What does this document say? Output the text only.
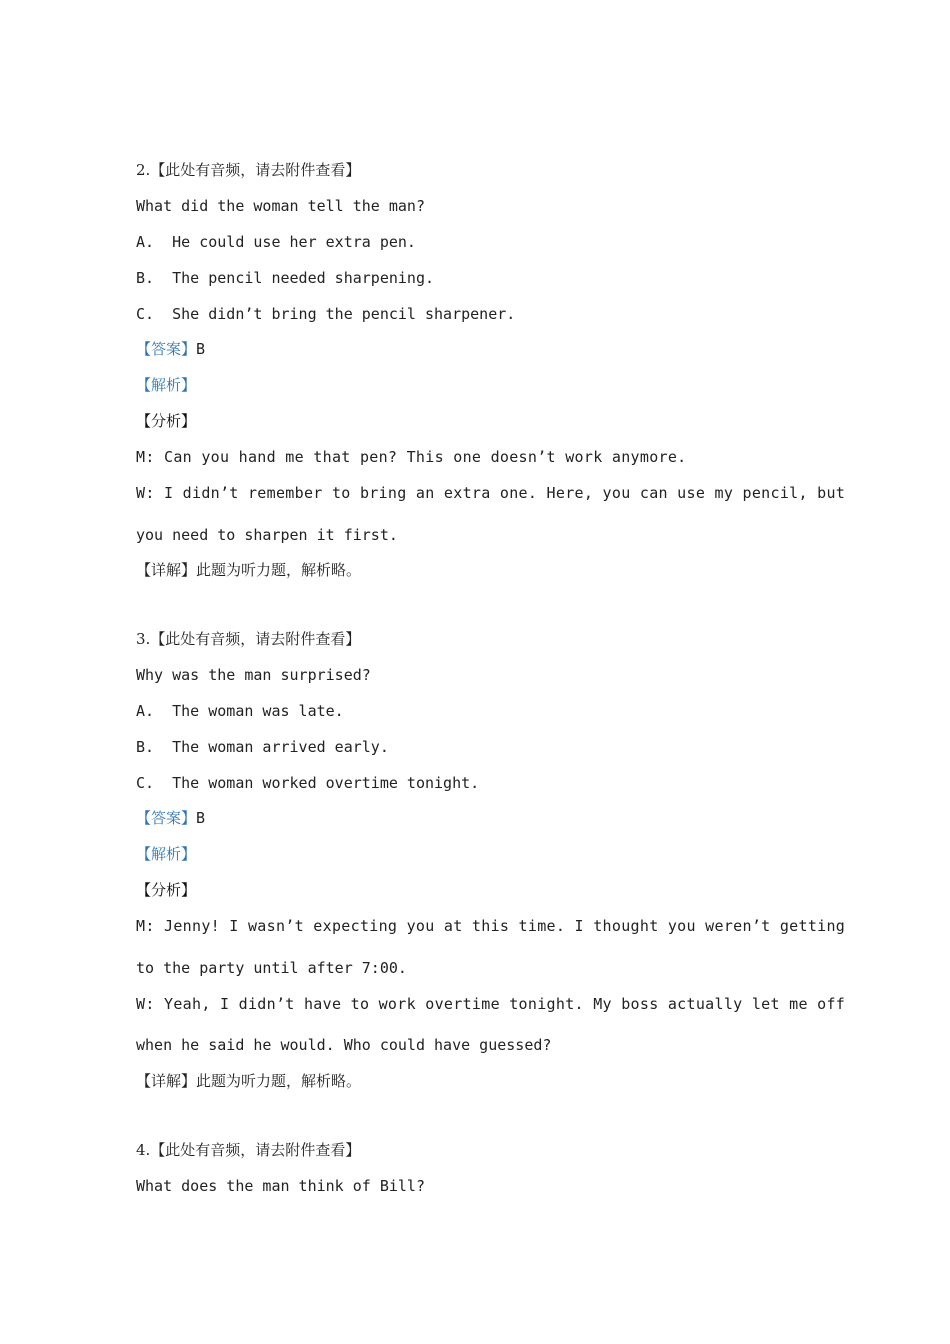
2.【此处有音频，请去附件查看】
What did the woman tell the man?
A.  He could use her extra pen.
B.  The pencil needed sharpening.
C.  She didn’t bring the pencil sharpener.
【答案】B
【解析】
【分析】
M: Can you hand me that pen? This one doesn’t work anymore.
W: I didn’t remember to bring an extra one. Here, you can use my pencil, but
you need to sharpen it first.
【详解】此题为听力题，解析略。
3.【此处有音频，请去附件查看】
Why was the man surprised?
A.  The woman was late.
B.  The woman arrived early.
C.  The woman worked overtime tonight.
【答案】B
【解析】
【分析】
M: Jenny! I wasn’t expecting you at this time. I thought you weren’t getting
to the party until after 7:00.
W: Yeah, I didn’t have to work overtime tonight. My boss actually let me off
when he said he would. Who could have guessed?
【详解】此题为听力题，解析略。
4.【此处有音频，请去附件查看】
What does the man think of Bill?
